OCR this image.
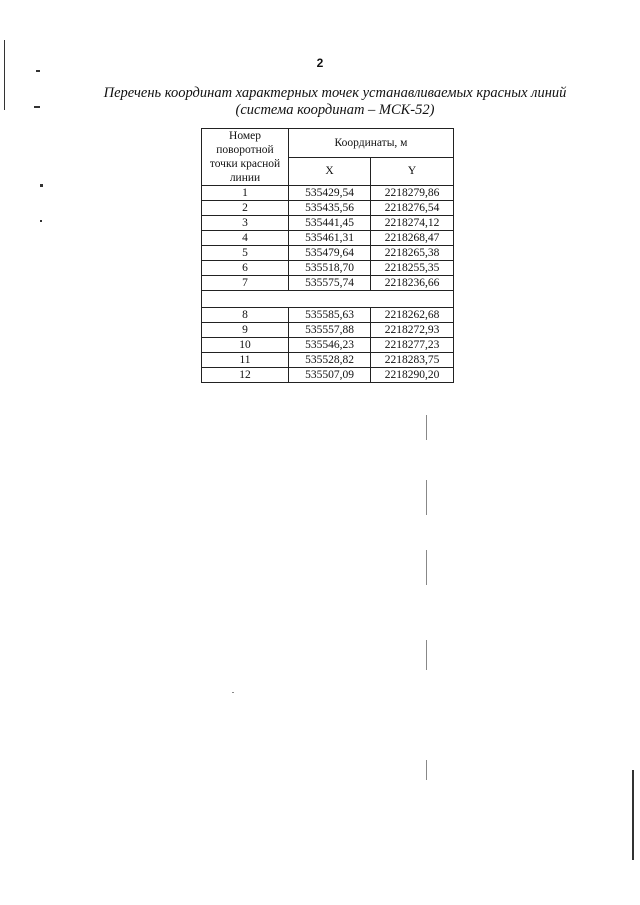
2
Перечень координат характерных точек устанавливаемых красных линий
(система координат – МСК-52)
Номер поворотной точки красной линии	Координаты, м	
	X	Y
1	535429,54	2218279,86
2	535435,56	2218276,54
3	535441,45	2218274,12
4	535461,31	2218268,47
5	535479,64	2218265,38
6	535518,70	2218255,35
7	535575,74	2218236,66

8	535585,63	2218262,68
9	535557,88	2218272,93
10	535546,23	2218277,23
11	535528,82	2218283,75
12	535507,09	2218290,20
